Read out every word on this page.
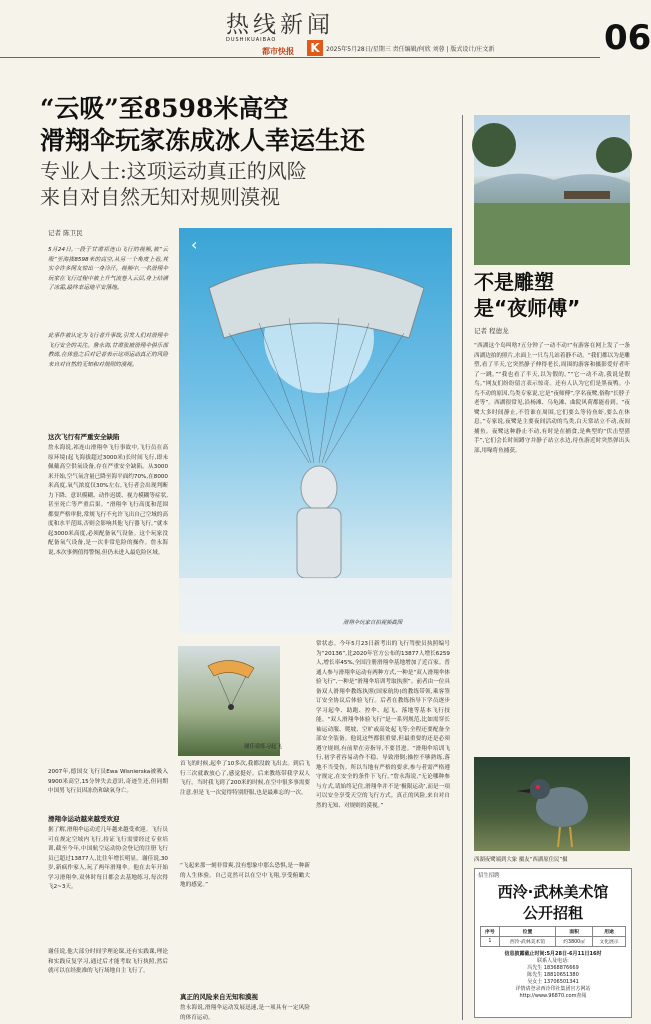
热线新闻
DUSHIKUAIBAO
K
都市快报	2025年5月28日/星期三 责任编辑/何欣 刘蓉 | 版式设计/庄文新	06
“云吸”至8598米高空
滑翔伞玩家冻成冰人幸运生还
专业人士:这项运动真正的风险
来自对自然无知对规则漠视
记者 陈卫民
5月24日,一段于甘肃祁连山飞行的视频,被“云吸”至海拔8598米的高空,从另一个角度上看,其实令许多网友惊出一身冷汗。视频中,一名滑翔伞玩家在飞行过程中被上升气流卷入云层,身上结满了冰霜,最终幸运地平安落地。
此事件被认定为飞行者升事故,引发人们对滑翔伞飞行安全的关注。詹永海,甘肃张掖滑翔伞俱乐部教练,在体验之后对记者表示这项运动真正的风险来自对自然的无知和对规则的漠视。
这次飞行有严重安全缺陷
詹永海说,祁连山滑翔伞飞行事故中,飞行员在高原环境(起飞海拔超过3000米)长时间飞行,即未佩戴高空供氧设备,存在严重安全缺陷。从3000米开始,空气氧含量已降至海平面约70%,在8000米高度,氧气浓度仅30%左右,飞行者会出现判断力下降、意识模糊、动作迟缓、视力模糊等症状,甚至死亡等严重后果。“滑翔伞飞行高度和范围都要严格审批,常规飞行不允许飞出自己空域的高度和水平范围,否则会影响其他飞行器飞行。”就本起3000米高度,必须配备氧气设备。这个玩家没配备氧气设备,是一次非常危险的操作。詹永海说,本次事例值得警惕,但仍未进入最危险区域。
2007年,德国女飞行员Ewa Wisnierska被吸入9900米高空,15分钟失去意识,奇迹生还,但同期中国男飞行员因冻伤和缺氧身亡。
滑翔伞运动越来越受欢迎
据了解,滑翔伞运动近几年越来越受欢迎。飞行员可在规定空域内飞行,持证飞行需要经过专业培训,截至今年,中国航空运动协会登记的注册飞行员已超过13877人,比往年增长明显。谢佳说,30岁,新疯作家人,玩了两年滑翔伞。他在去年开始学习滑翔伞,双休时每日都会去基地练习,每次得飞2~3天。
谢佳说,他大部分时间学理论课,还有实践课,理论和实践反复学习,通过后才能考取飞行执照,然后就可以在经批准的飞行场地自主飞行了。
‹
滑翔伞玩家自拍视频截图
谢佳说练习起飞
首飞的时候,起伞了10多次,我都没敢飞出去。到后飞行三次就敢放心了,感觉挺好。后来教练带我学双人飞行。当时我飞到了200米的时候,在空中很多事需要注意,但是飞一次觉得特别舒服,也是最难忘的一次。
“飞起来那一刻非常爽,没有想象中那么恐惧,是一种新的人生体验。自己竟然可以在空中飞翔,享受俯瞰大地的感觉。”
真正的风险来自无知和漠视
詹永海说,滑翔伞运动发展迅速,是一项具有一定风险的体育运动。
常状态。今年5月23日新考出的飞行驾驶员执照编号为“20136”,比2020年官方公布的13877人增长6259人,增长率45%,全国注册滑翔伞基地增加了近百家。普通人参与滑翔伞运动有两种方式,一种是“双人滑翔伞体验飞行”,一种是“滑翔伞培训考取执照”。前者由一位具备双人滑翔伞教练执照(国家航协)的教练带领,乘客签订安全协议后体验飞行。后者在教练指导下学员逐步学习起伞、助跑、控伞、起飞、落地等基本飞行技能。“双人滑翔伞体验飞行”是一系列规范,比如需穿长袖运动服、爬坡、空旷或高处起飞等;全程还要配备全部安全装备。他说这些都很重要,但最重要的还是必须遵守规则,有前辈在旁指导,不要冒进。“滑翔伞培训飞行,初学者容易动作不稳、导致滑倒;操控不够熟练,落地不当受伤。所以当地有严格的要求,参与者需严格遵守规定,在安全的条件下飞行。”詹永海说,“无论哪种参与方式,请始终记住,滑翔伞并不是‘极限运动’,而是一项可以安全享受天空的飞行方式。真正的风险,来自对自然的无知、对规则的漠视。”
不是雕塑
是“夜师傅”
记者 程德龙
“西湖这个岛叫啥?五分钟了一动不动!”有游客在网上发了一条西湖边拍的照片,水面上一只鸟儿站着静不动。“我们都以为是雕塑,看了半天,它突然静子伸得老长,周围的游客和摄影爱好者吓了一跳。”“我也看了半天,以为假的。”“它一动不动,我说是假鸟。”网友们纷纷留言表示惊奇。还有人认为它们是黑夜鸭。小鸟不动的原因,鸟类专家说,它是“夜师傅”,学名夜鹭,俗称“长脖子老等”。西湖很常见,沿杨滩、乌龟滩、曲院风荷都能看到。“夜鹭大多时间静止,不管谁在周围,它们要么等待鱼虾,要么在休息。”专家说,夜鹭是主要夜间活动的鸟类,白天常站立不动,夜间捕鱼。夜鹭这种静止不动,有时是在捕食,是典型的“伏击型猎手”,它们会长时间蹲守并静子站立水边,待鱼游近时突然弹出头部,用喙将鱼捕获。
西湖夜鹭端到大象 摄友“西湖原住民”摄
招生招聘
西泠·武林美术馆
公开招租
序号	位置	面积	用途
1	西泠·武林美术馆	约3800㎡	文化展示
信息披露截止时间:5月28日-6月11日16时
联系人及电话:
冯先生 18368876669
陈先生 18810651380
吴女士 13706501341
详情请登录西泠印社集团官方网站
http://www.96870.com查阅
